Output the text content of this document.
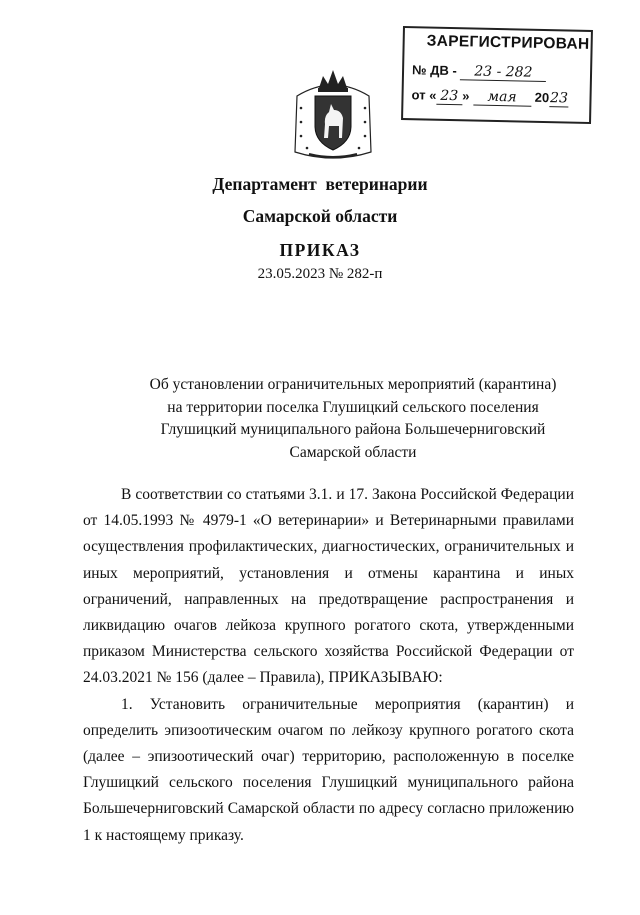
ЗАРЕГИСТРИРОВАН
№ ДВ - 23 - 282
от « 23 » мая 2023
Департамент  ветеринарии
Самарской области
ПРИКАЗ
23.05.2023 № 282-п
Об установлении ограничительных мероприятий (карантина)
на территории поселка Глушицкий сельского поселения
Глушицкий муниципального района Большечерниговский
Самарской области
В соответствии со статьями 3.1. и 17. Закона Российской Федерации
от 14.05.1993 № 4979-1 «О ветеринарии» и Ветеринарными правилами
осуществления профилактических, диагностических, ограничительных и
иных мероприятий, установления и отмены карантина и иных
ограничений, направленных на предотвращение распространения и
ликвидацию очагов лейкоза крупного рогатого скота, утвержденными
приказом Министерства сельского хозяйства Российской Федерации от
24.03.2021 № 156 (далее – Правила), ПРИКАЗЫВАЮ:
1. Установить ограничительные мероприятия (карантин) и
определить эпизоотическим очагом по лейкозу крупного рогатого скота
(далее – эпизоотический очаг) территорию, расположенную в поселке
Глушицкий сельского поселения Глушицкий муниципального района
Большечерниговский Самарской области по адресу согласно приложению
1 к настоящему приказу.
